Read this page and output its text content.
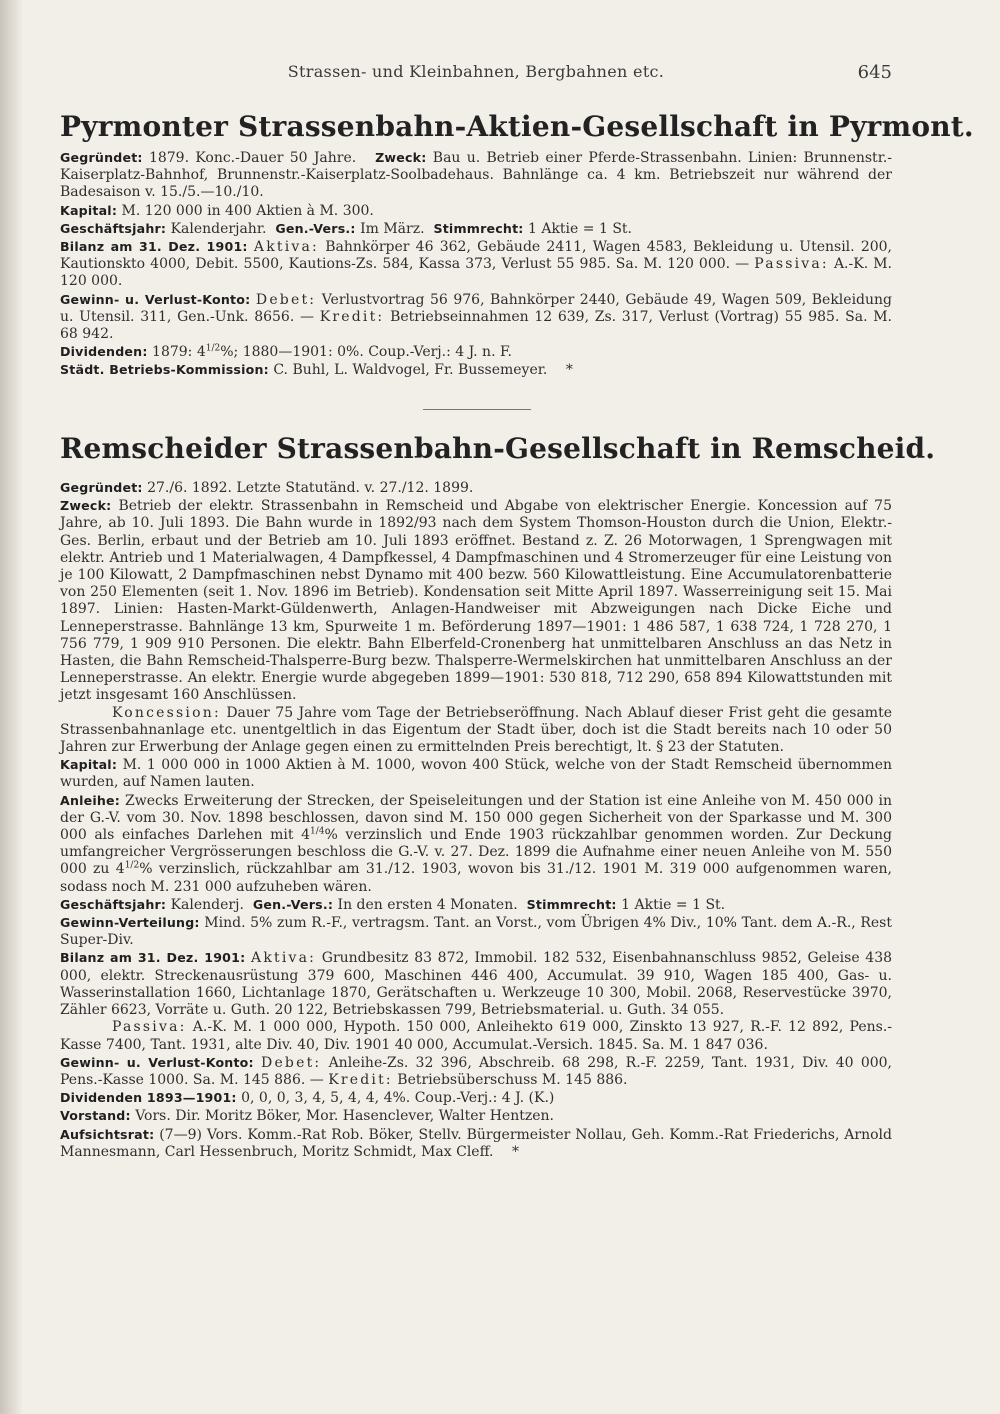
Strassen- und Kleinbahnen, Bergbahnen etc.	645
Pyrmonter Strassenbahn-Aktien-Gesellschaft in Pyrmont.

Gegründet: 1879. Konc.-Dauer 50 Jahre. Zweck: Bau u. Betrieb einer Pferde-Strassenbahn. Linien: Brunnenstr.-Kaiserplatz-Bahnhof, Brunnenstr.-Kaiserplatz-Soolbadehaus. Bahnlänge ca. 4 km. Betriebszeit nur während der Badesaison v. 15./5.—10./10.

Kapital: M. 120 000 in 400 Aktien à M. 300.

Geschäftsjahr: Kalenderjahr. Gen.-Vers.: Im März. Stimmrecht: 1 Aktie = 1 St.

Bilanz am 31. Dez. 1901: Aktiva: Bahnkörper 46 362, Gebäude 2411, Wagen 4583, Bekleidung u. Utensil. 200, Kautionskto 4000, Debit. 5500, Kautions-Zs. 584, Kassa 373, Verlust 55 985. Sa. M. 120 000. — Passiva: A.-K. M. 120 000.

Gewinn- u. Verlust-Konto: Debet: Verlustvortrag 56 976, Bahnkörper 2440, Gebäude 49, Wagen 509, Bekleidung u. Utensil. 311, Gen.-Unk. 8656. — Kredit: Betriebseinnahmen 12 639, Zs. 317, Verlust (Vortrag) 55 985. Sa. M. 68 942.

Dividenden: 1879: $4^{1/2}\%$; 1880—1901: 0%. Coup.-Verj.: 4 J. n. F.

Städt. Betriebs-Kommission: C. Buhl, L. Waldvogel, Fr. Bussemeyer. *

Remscheider Strassenbahn-Gesellschaft in Remscheid.

Gegründet: 27./6. 1892. Letzte Statutänd. v. 27./12. 1899.

Zweck: Betrieb der elektr. Strassenbahn in Remscheid und Abgabe von elektrischer Energie. Koncession auf 75 Jahre, ab 10. Juli 1893. Die Bahn wurde in 1892/93 nach dem System Thomson-Houston durch die Union, Elektr.-Ges. Berlin, erbaut und der Betrieb am 10. Juli 1893 eröffnet. Bestand z. Z. 26 Motorwagen, 1 Sprengwagen mit elektr. Antrieb und 1 Materialwagen, 4 Dampfkessel, 4 Dampfmaschinen und 4 Stromerzeuger für eine Leistung von je 100 Kilowatt, 2 Dampfmaschinen nebst Dynamo mit 400 bezw. 560 Kilowattleistung. Eine Accumulatorenbatterie von 250 Elementen (seit 1. Nov. 1896 im Betrieb). Kondensation seit Mitte April 1897. Wasserreinigung seit 15. Mai 1897. Linien: Hasten-Markt-Güldenwerth, Anlagen-Handweiser mit Abzweigungen nach Dicke Eiche und Lenneperstrasse. Bahnlänge 13 km, Spurweite 1 m. Beförderung 1897—1901: 1 486 587, 1 638 724, 1 728 270, 1 756 779, 1 909 910 Personen. Die elektr. Bahn Elberfeld-Cronenberg hat unmittelbaren Anschluss an das Netz in Hasten, die Bahn Remscheid-Thalsperre-Burg bezw. Thalsperre-Wermelskirchen hat unmittelbaren Anschluss an der Lenneperstrasse. An elektr. Energie wurde abgegeben 1899—1901: 530 818, 712 290, 658 894 Kilowattstunden mit jetzt insgesamt 160 Anschlüssen.

Koncession: Dauer 75 Jahre vom Tage der Betriebseröffnung. Nach Ablauf dieser Frist geht die gesamte Strassenbahnanlage etc. unentgeltlich in das Eigentum der Stadt über, doch ist die Stadt bereits nach 10 oder 50 Jahren zur Erwerbung der Anlage gegen einen zu ermittelnden Preis berechtigt, lt. § 23 der Statuten.

Kapital: M. 1 000 000 in 1000 Aktien à M. 1000, wovon 400 Stück, welche von der Stadt Remscheid übernommen wurden, auf Namen lauten.

Anleihe: Zwecks Erweiterung der Strecken, der Speiseleitungen und der Station ist eine Anleihe von M. 450 000 in der G.-V. vom 30. Nov. 1898 beschlossen, davon sind M. 150 000 gegen Sicherheit von der Sparkasse und M. 300 000 als einfaches Darlehen mit $4^{1/4}\%$ verzinslich und Ende 1903 rückzahlbar genommen worden. Zur Deckung umfangreicher Vergrösserungen beschloss die G.-V. v. 27. Dez. 1899 die Aufnahme einer neuen Anleihe von M. 550 000 zu $4^{1/2}\%$ verzinslich, rückzahlbar am 31./12. 1903, wovon bis 31./12. 1901 M. 319 000 aufgenommen waren, sodass noch M. 231 000 aufzuheben wären.

Geschäftsjahr: Kalenderj. Gen.-Vers.: In den ersten 4 Monaten. Stimmrecht: 1 Aktie = 1 St.

Gewinn-Verteilung: Mind. 5% zum R.-F., vertragsm. Tant. an Vorst., vom Übrigen 4% Div., 10% Tant. dem A.-R., Rest Super-Div.

Bilanz am 31. Dez. 1901: Aktiva: Grundbesitz 83 872, Immobil. 182 532, Eisenbahnanschluss 9852, Geleise 438 000, elektr. Streckenausrüstung 379 600, Maschinen 446 400, Accumulat. 39 910, Wagen 185 400, Gas- u. Wasserinstallation 1660, Lichtanlage 1870, Gerätschaften u. Werkzeuge 10 300, Mobil. 2068, Reservestücke 3970, Zähler 6623, Vorräte u. Guth. 20 122, Betriebskassen 799, Betriebsmaterial. u. Guth. 34 055.

Passiva: A.-K. M. 1 000 000, Hypoth. 150 000, Anleihekto 619 000, Zinskto 13 927, R.-F. 12 892, Pens.-Kasse 7400, Tant. 1931, alte Div. 40, Div. 1901 40 000, Accumulat.-Versich. 1845. Sa. M. 1 847 036.

Gewinn- u. Verlust-Konto: Debet: Anleihe-Zs. 32 396, Abschreib. 68 298, R.-F. 2259, Tant. 1931, Div. 40 000, Pens.-Kasse 1000. Sa. M. 145 886. — Kredit: Betriebsüberschuss M. 145 886.

Dividenden 1893—1901: 0, 0, 0, 3, 4, 5, 4, 4, 4%. Coup.-Verj.: 4 J. (K.)

Vorstand: Vors. Dir. Moritz Böker, Mor. Hasenclever, Walter Hentzen.

Aufsichtsrat: (7—9) Vors. Komm.-Rat Rob. Böker, Stellv. Bürgermeister Nollau, Geh. Komm.-Rat Friederichs, Arnold Mannesmann, Carl Hessenbruch, Moritz Schmidt, Max Cleff. *
